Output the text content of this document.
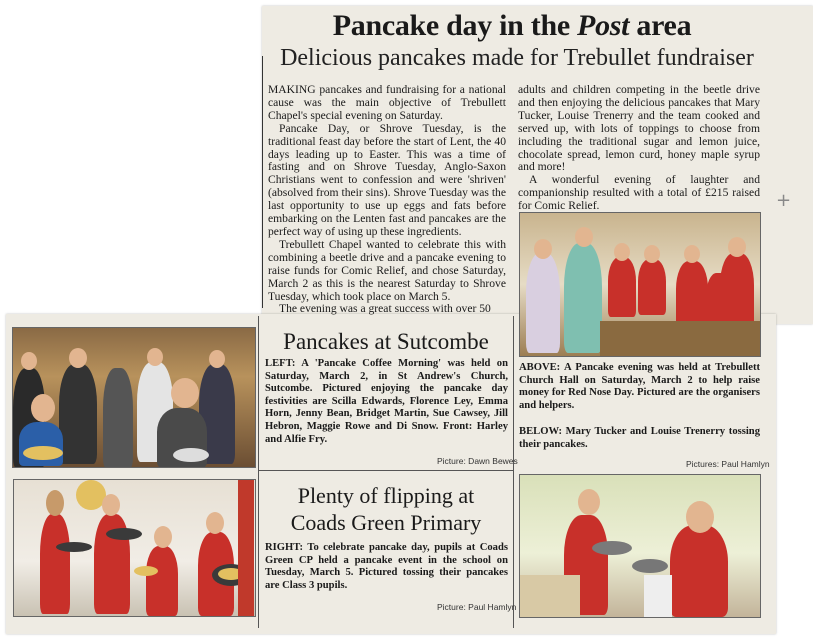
Pancake day in the Post area
Delicious pancakes made for Trebullet fundraiser

MAKING pancakes and fundraising for a national cause was the main objective of Trebullett Chapel's special evening on Saturday.

Pancake Day, or Shrove Tuesday, is the traditional feast day before the start of Lent, the 40 days leading up to Easter. This was a time of fasting and on Shrove Tuesday, Anglo-Saxon Christians went to confession and were 'shriven' (absolved from their sins). Shrove Tuesday was the last opportunity to use up eggs and fats before embarking on the Lenten fast and pancakes are the perfect way of using up these ingredients.

Trebullett Chapel wanted to celebrate this with combining a beetle drive and a pancake evening to raise funds for Comic Relief, and chose Saturday, March 2 as this is the nearest Saturday to Shrove Tuesday, which took place on March 5.

The evening was a great success with over 50

adults and children competing in the beetle drive and then enjoying the delicious pancakes that Mary Tucker, Louise Trenerry and the team cooked and served up, with lots of toppings to choose from including the traditional sugar and lemon juice, chocolate spread, lemon curd, honey maple syrup and more!

A wonderful evening of laughter and companionship resulted with a total of £215 raised for Comic Relief.	+
Pancakes at Sutcombe
LEFT: A 'Pancake Coffee Morning' was held on Saturday, March 2, in St Andrew's Church, Sutcombe. Pictured enjoying the pancake day festivities are Scilla Edwards, Florence Ley, Emma Horn, Jenny Bean, Bridget Martin, Sue Cawsey, Jill Hebron, Maggie Rowe and Di Snow. Front: Harley and Alfie Fry.
Picture: Dawn Bewes
ABOVE: A Pancake evening was held at Trebullett Church Hall on Saturday, March 2 to help raise money for Red Nose Day. Pictured are the organisers and helpers.
BELOW: Mary Tucker and Louise Trenerry tossing their pancakes.
Pictures: Paul Hamlyn
Plenty of flipping at
Coads Green Primary
RIGHT: To celebrate pancake day, pupils at Coads Green CP held a pancake event in the school on Tuesday, March 5. Pictured tossing their pancakes are Class 3 pupils.
Picture: Paul Hamlyn
